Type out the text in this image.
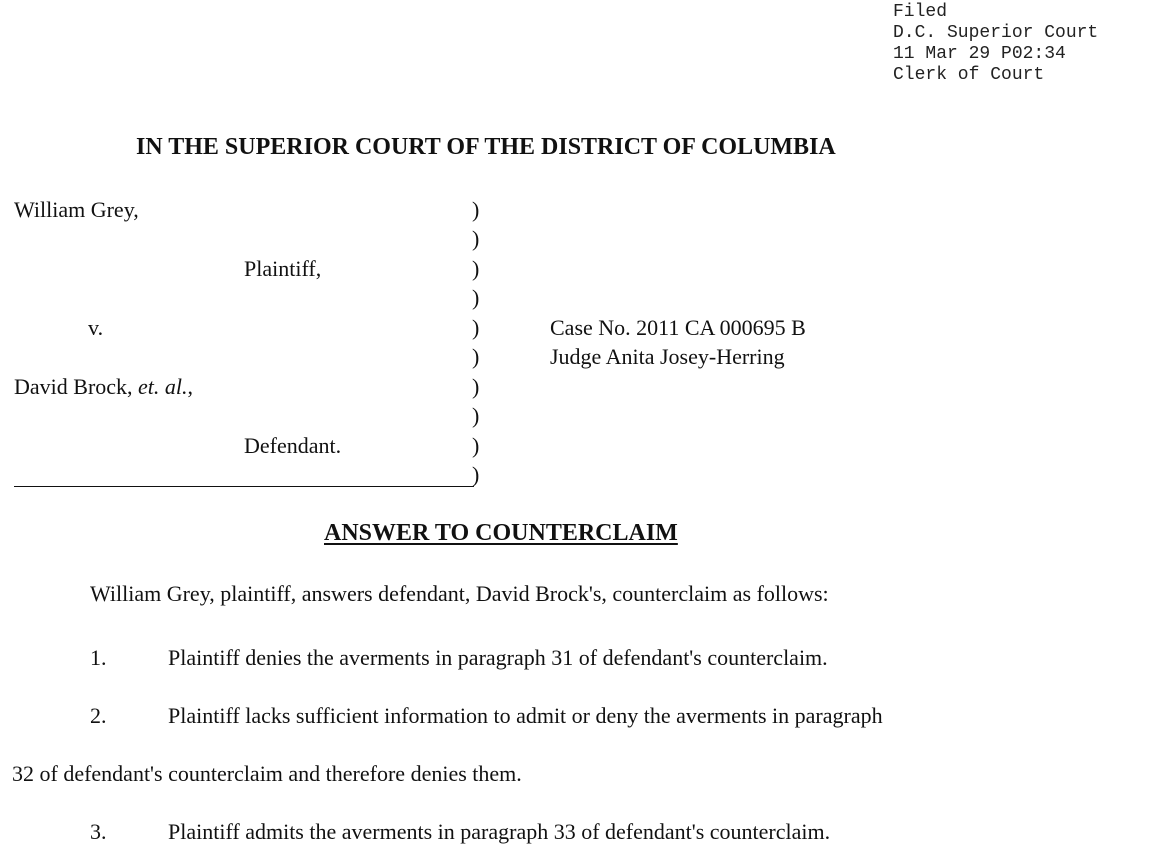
Filed
D.C. Superior Court
11 Mar 29 P02:34
Clerk of Court
IN THE SUPERIOR COURT OF THE DISTRICT OF COLUMBIA
William Grey,
Plaintiff,
v.
David Brock, et. al.,
Defendant.
)
)
)
)
)
)
)
)
)
)
Case No. 2011 CA 000695 B
Judge Anita Josey-Herring
ANSWER TO COUNTERCLAIM
William Grey, plaintiff, answers defendant, David Brock's, counterclaim as follows:
1.	Plaintiff denies the averments in paragraph 31 of defendant's counterclaim.
2.	Plaintiff lacks sufficient information to admit or deny the averments in paragraph
32 of defendant's counterclaim and therefore denies them.
3.	Plaintiff admits the averments in paragraph 33 of defendant's counterclaim.
